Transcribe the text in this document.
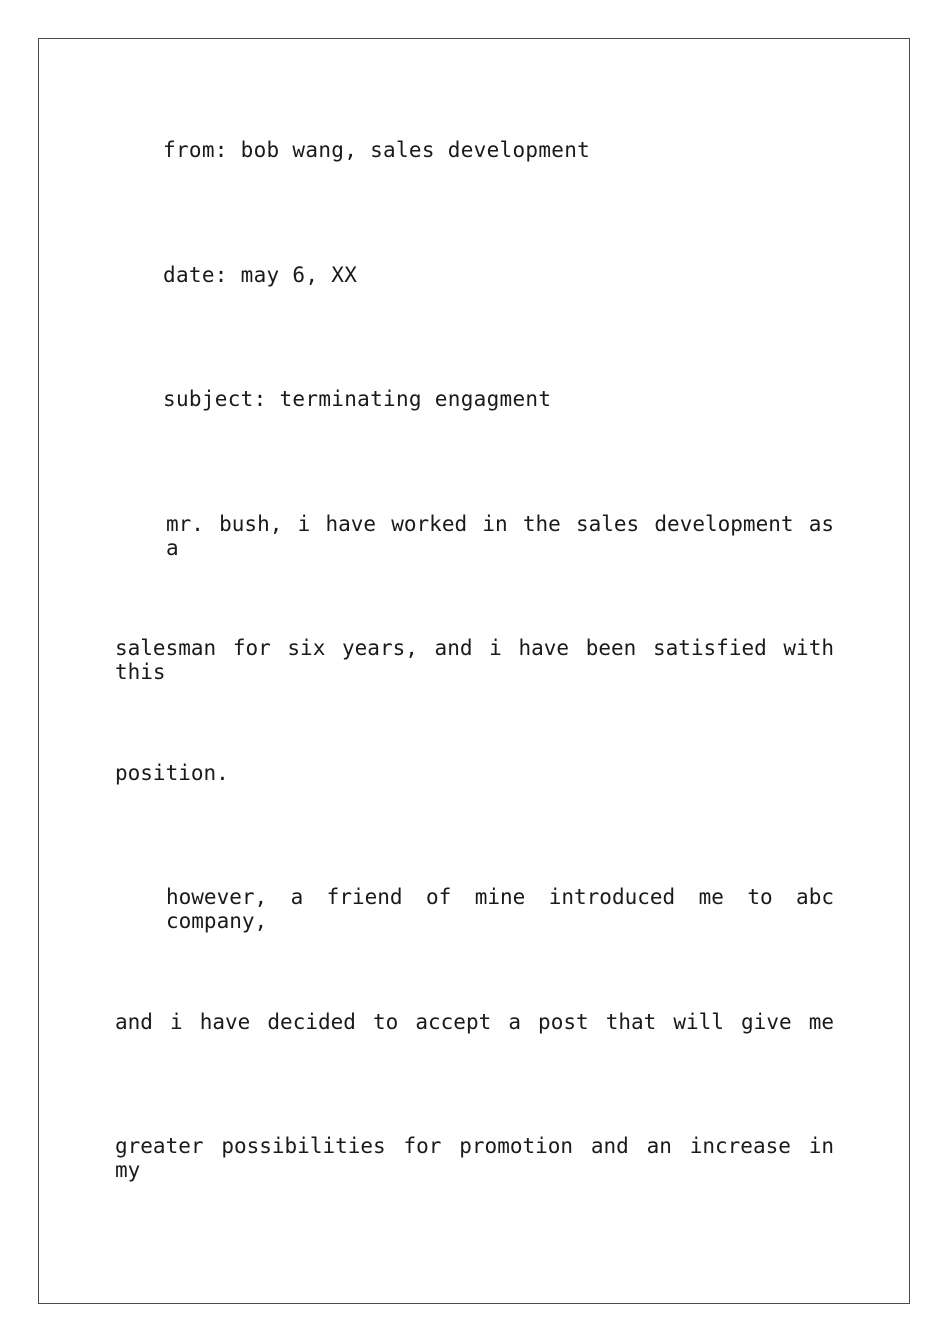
from: bob wang, sales development
date: may 6, XX
subject: terminating engagment
mr. bush, i have worked in the sales development as a
salesman for six years, and i have been satisfied with this
position.
however, a friend of mine introduced me to abc company,
and i have decided to accept a post that will give me
greater possibilities for promotion and an increase in my
